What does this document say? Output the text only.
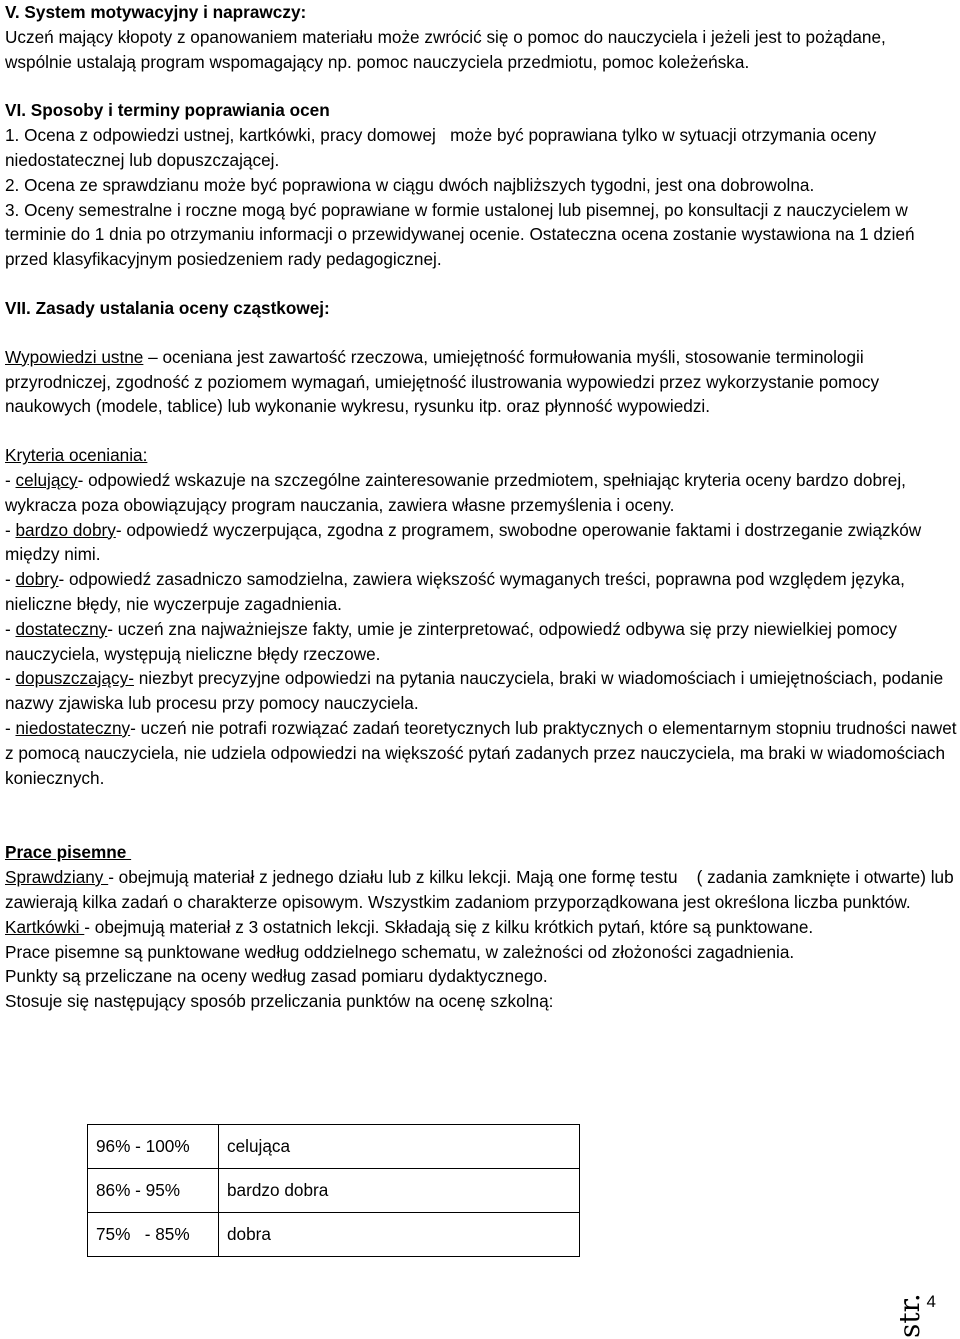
V. System motywacyjny i naprawczy:

Uczeń mający kłopoty z opanowaniem materiału może zwrócić się o pomoc do nauczyciela i jeżeli jest to pożądane, wspólnie ustalają program wspomagający np. pomoc nauczyciela przedmiotu, pomoc koleżeńska.

VI. Sposoby i terminy poprawiania ocen

1. Ocena z odpowiedzi ustnej, kartkówki, pracy domowej   może być poprawiana tylko w sytuacji otrzymania oceny niedostatecznej lub dopuszczającej.

2. Ocena ze sprawdzianu może być poprawiona w ciągu dwóch najbliższych tygodni, jest ona dobrowolna.

3. Oceny semestralne i roczne mogą być poprawiane w formie ustalonej lub pisemnej, po konsultacji z nauczycielem w terminie do 1 dnia po otrzymaniu informacji o przewidywanej ocenie. Ostateczna ocena zostanie wystawiona na 1 dzień przed klasyfikacyjnym posiedzeniem rady pedagogicznej.

VII. Zasady ustalania oceny cząstkowej:

Wypowiedzi ustne – oceniana jest zawartość rzeczowa, umiejętność formułowania myśli, stosowanie terminologii przyrodniczej, zgodność z poziomem wymagań, umiejętność ilustrowania wypowiedzi przez wykorzystanie pomocy naukowych (modele, tablice) lub wykonanie wykresu, rysunku itp. oraz płynność wypowiedzi.

Kryteria oceniania:

- celujący- odpowiedź wskazuje na szczególne zainteresowanie przedmiotem, spełniając kryteria oceny bardzo dobrej, wykracza poza obowiązujący program nauczania, zawiera własne przemyślenia i oceny.

- bardzo dobry- odpowiedź wyczerpująca, zgodna z programem, swobodne operowanie faktami i dostrzeganie związków między nimi.

- dobry- odpowiedź zasadniczo samodzielna, zawiera większość wymaganych treści, poprawna pod względem języka, nieliczne błędy, nie wyczerpuje zagadnienia.

- dostateczny- uczeń zna najważniejsze fakty, umie je zinterpretować, odpowiedź odbywa się przy niewielkiej pomocy nauczyciela, występują nieliczne błędy rzeczowe.

- dopuszczający- niezbyt precyzyjne odpowiedzi na pytania nauczyciela, braki w wiadomościach i umiejętnościach, podanie nazwy zjawiska lub procesu przy pomocy nauczyciela.

- niedostateczny- uczeń nie potrafi rozwiązać zadań teoretycznych lub praktycznych o elementarnym stopniu trudności nawet z pomocą nauczyciela, nie udziela odpowiedzi na większość pytań zadanych przez nauczyciela, ma braki w wiadomościach koniecznych.

Prace pisemne

Sprawdziany - obejmują materiał z jednego działu lub z kilku lekcji. Mają one formę testu    ( zadania zamknięte i otwarte) lub zawierają kilka zadań o charakterze opisowym. Wszystkim zadaniom przyporządkowana jest określona liczba punktów.

Kartkówki - obejmują materiał z 3 ostatnich lekcji. Składają się z kilku krótkich pytań, które są punktowane.

Prace pisemne są punktowane według oddzielnego schematu, w zależności od złożoności zagadnienia.

Punkty są przeliczane na oceny według zasad pomiaru dydaktycznego.

Stosuje się następujący sposób przeliczania punktów na ocenę szkolną:

96% - 100%	celująca
86% - 95%	bardzo dobra
75%   - 85%	dobra
str. 4
